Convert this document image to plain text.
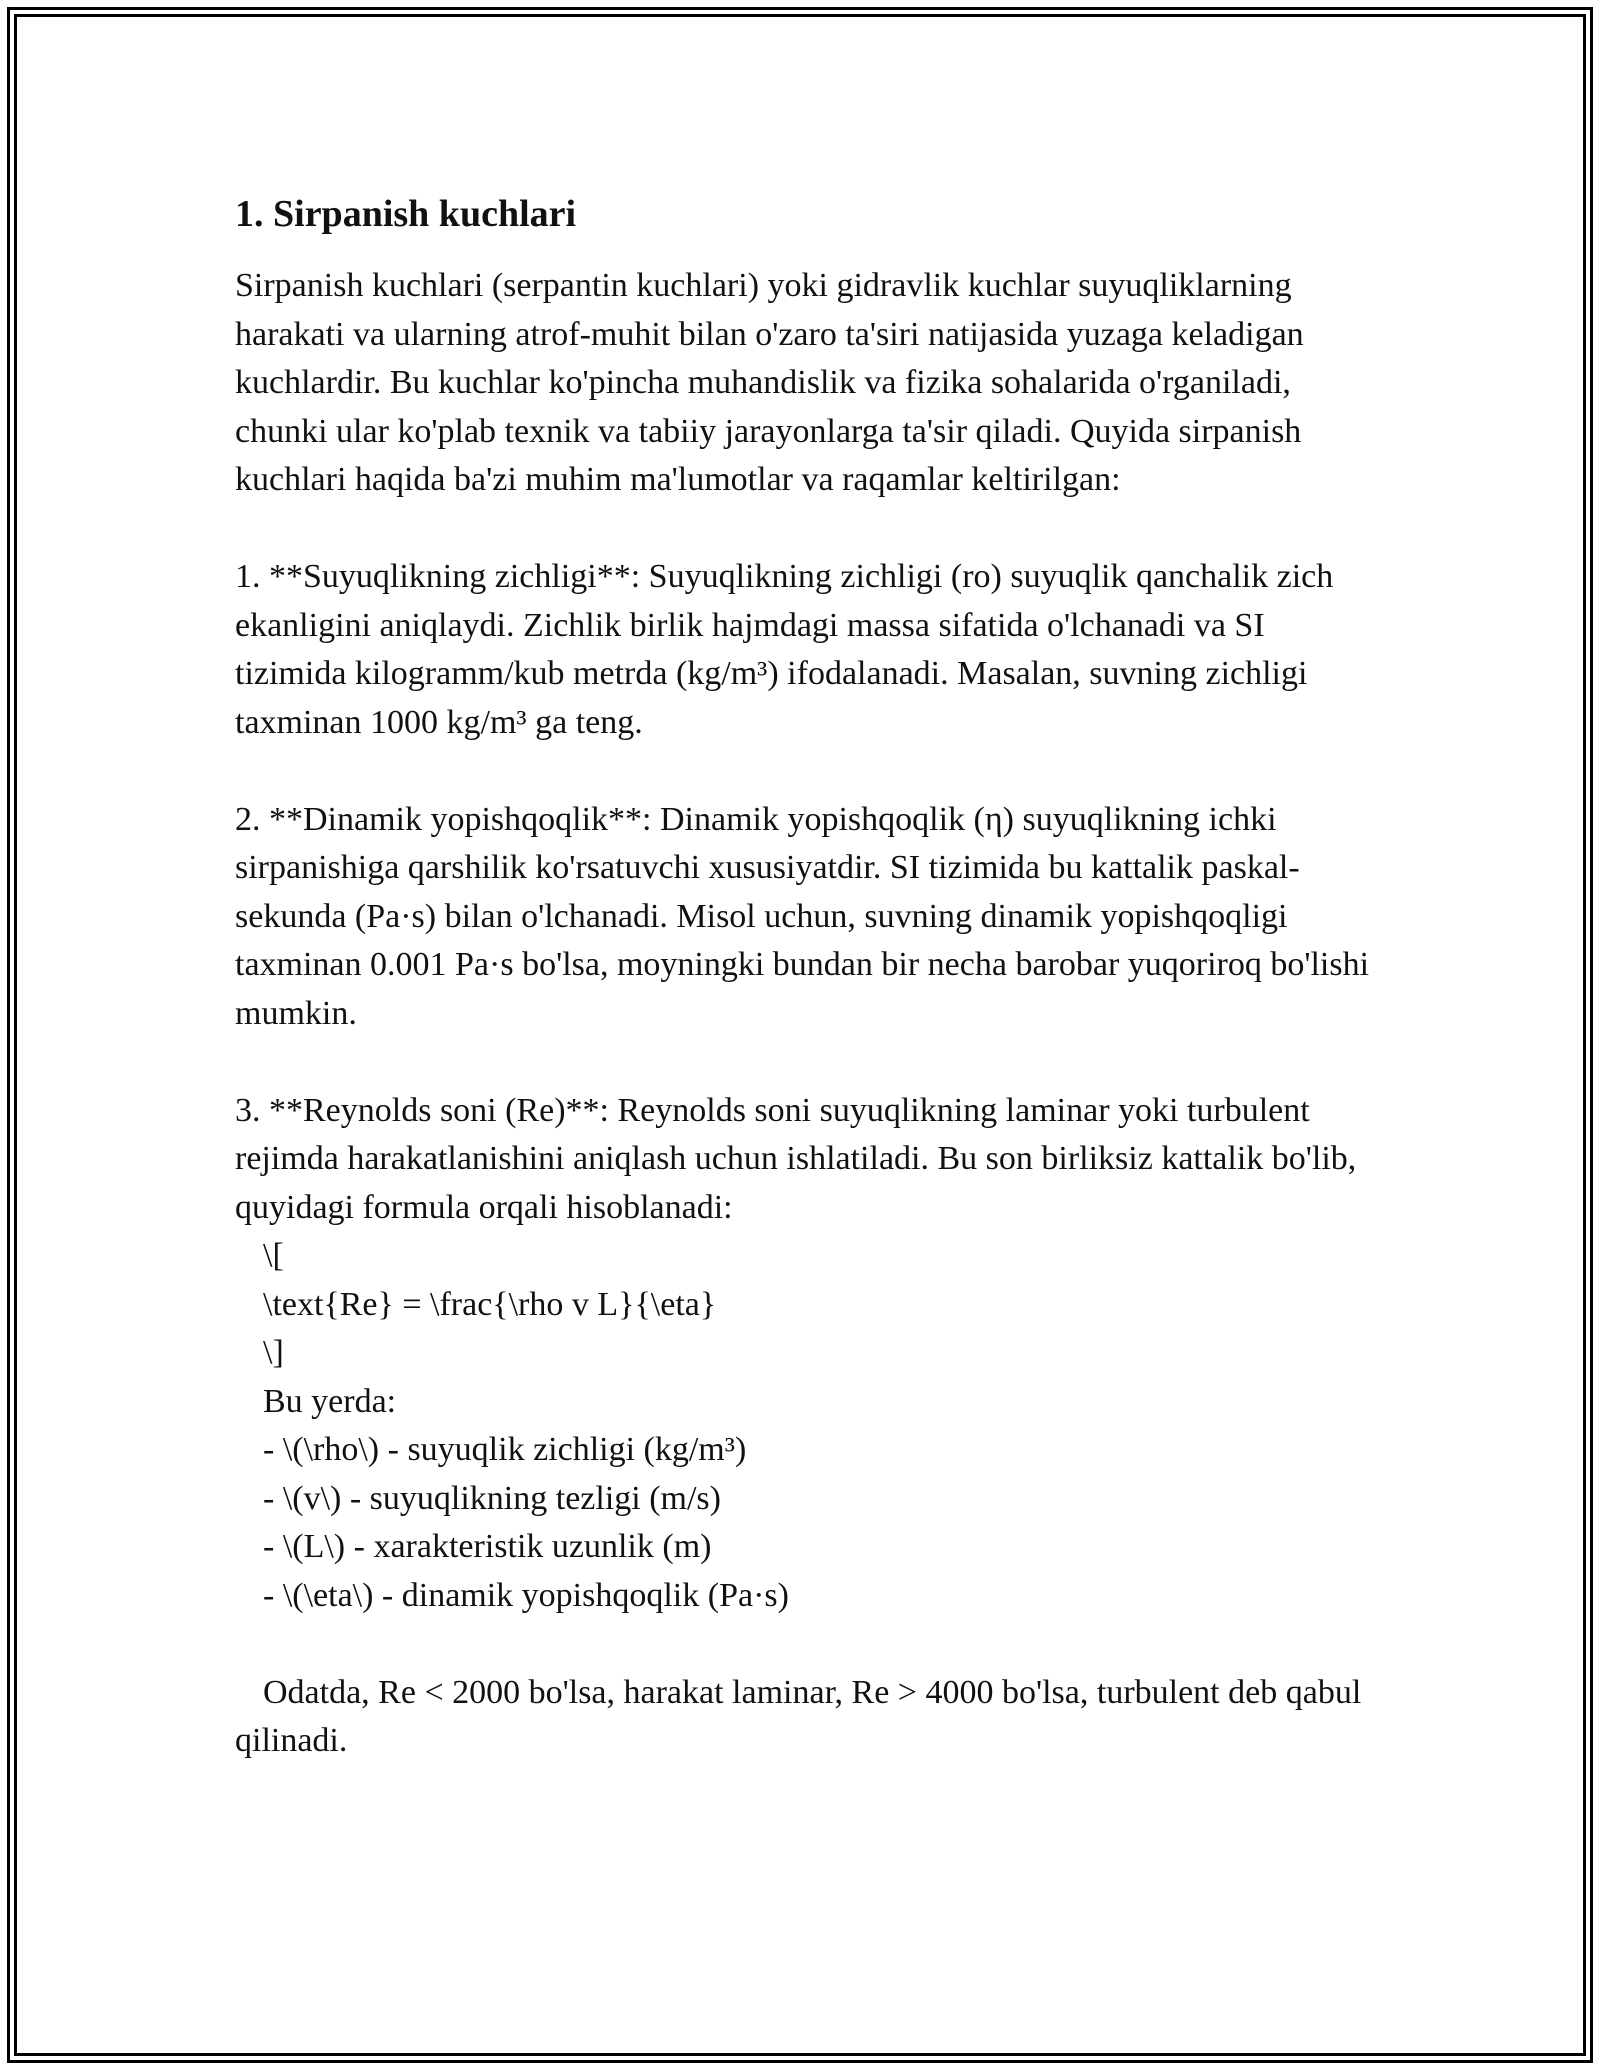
1. Sirpanish kuchlari

Sirpanish kuchlari (serpantin kuchlari) yoki gidravlik kuchlar suyuqliklarning harakati va ularning atrof-muhit bilan o'zaro ta'siri natijasida yuzaga keladigan kuchlardir. Bu kuchlar ko'pincha muhandislik va fizika sohalarida o'rganiladi, chunki ular ko'plab texnik va tabiiy jarayonlarga ta'sir qiladi. Quyida sirpanish kuchlari haqida ba'zi muhim ma'lumotlar va raqamlar keltirilgan:

1. **Suyuqlikning zichligi**: Suyuqlikning zichligi (ro) suyuqlik qanchalik zich ekanligini aniqlaydi. Zichlik birlik hajmdagi massa sifatida o'lchanadi va SI tizimida kilogramm/kub metrda (kg/m³) ifodalanadi. Masalan, suvning zichligi taxminan 1000 kg/m³ ga teng.

2. **Dinamik yopishqoqlik**: Dinamik yopishqoqlik (η) suyuqlikning ichki sirpanishiga qarshilik ko'rsatuvchi xususiyatdir. SI tizimida bu kattalik paskal-sekunda (Pa·s) bilan o'lchanadi. Misol uchun, suvning dinamik yopishqoqligi taxminan 0.001 Pa·s bo'lsa, moyningki bundan bir necha barobar yuqoriroq bo'lishi mumkin.

3. **Reynolds soni (Re)**: Reynolds soni suyuqlikning laminar yoki turbulent rejimda harakatlanishini aniqlash uchun ishlatiladi. Bu son birliksiz kattalik bo'lib, quyidagi formula orqali hisoblanadi:

\[

\text{Re} = \frac{\rho v L}{\eta}

\]

Bu yerda:

- \(\rho\) - suyuqlik zichligi (kg/m³)

- \(v\) - suyuqlikning tezligi (m/s)

- \(L\) - xarakteristik uzunlik (m)

- \(\eta\) - dinamik yopishqoqlik (Pa·s)

Odatda, Re < 2000 bo'lsa, harakat laminar, Re > 4000 bo'lsa, turbulent deb qabul qilinadi.
